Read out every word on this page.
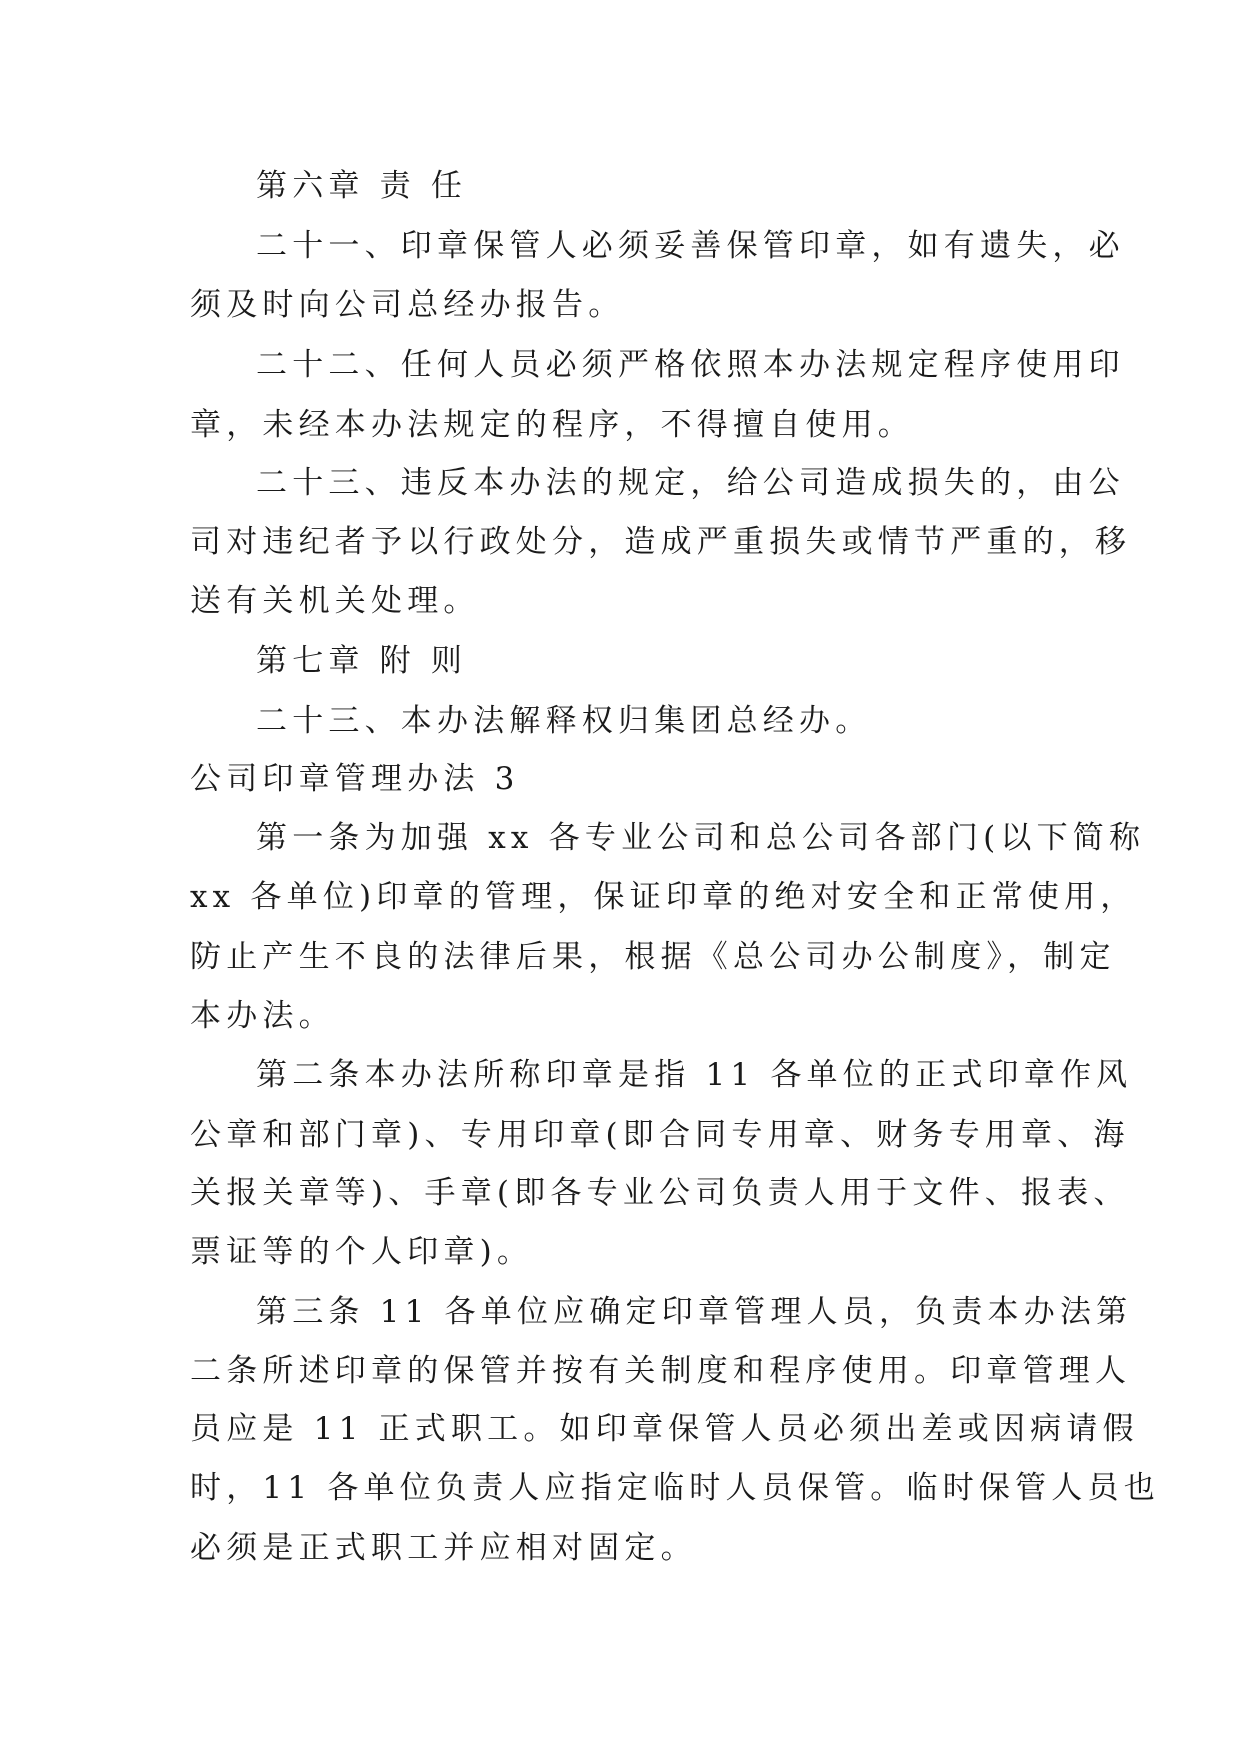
第六章 责 任
二十一、印章保管人必须妥善保管印章，如有遗失，必
须及时向公司总经办报告。
二十二、任何人员必须严格依照本办法规定程序使用印
章，未经本办法规定的程序，不得擅自使用。
二十三、违反本办法的规定，给公司造成损失的，由公
司对违纪者予以行政处分，造成严重损失或情节严重的，移
送有关机关处理。
第七章 附 则
二十三、本办法解释权归集团总经办。
公司印章管理办法 3
第一条为加强 xx 各专业公司和总公司各部门(以下简称
xx 各单位)印章的管理，保证印章的绝对安全和正常使用，
防止产生不良的法律后果，根据《总公司办公制度》，制定
本办法。
第二条本办法所称印章是指 11 各单位的正式印章作风
公章和部门章)、专用印章(即合同专用章、财务专用章、海
关报关章等)、手章(即各专业公司负责人用于文件、报表、
票证等的个人印章)。
第三条 11 各单位应确定印章管理人员，负责本办法第
二条所述印章的保管并按有关制度和程序使用。印章管理人
员应是 11 正式职工。如印章保管人员必须出差或因病请假
时，11 各单位负责人应指定临时人员保管。临时保管人员也
必须是正式职工并应相对固定。
